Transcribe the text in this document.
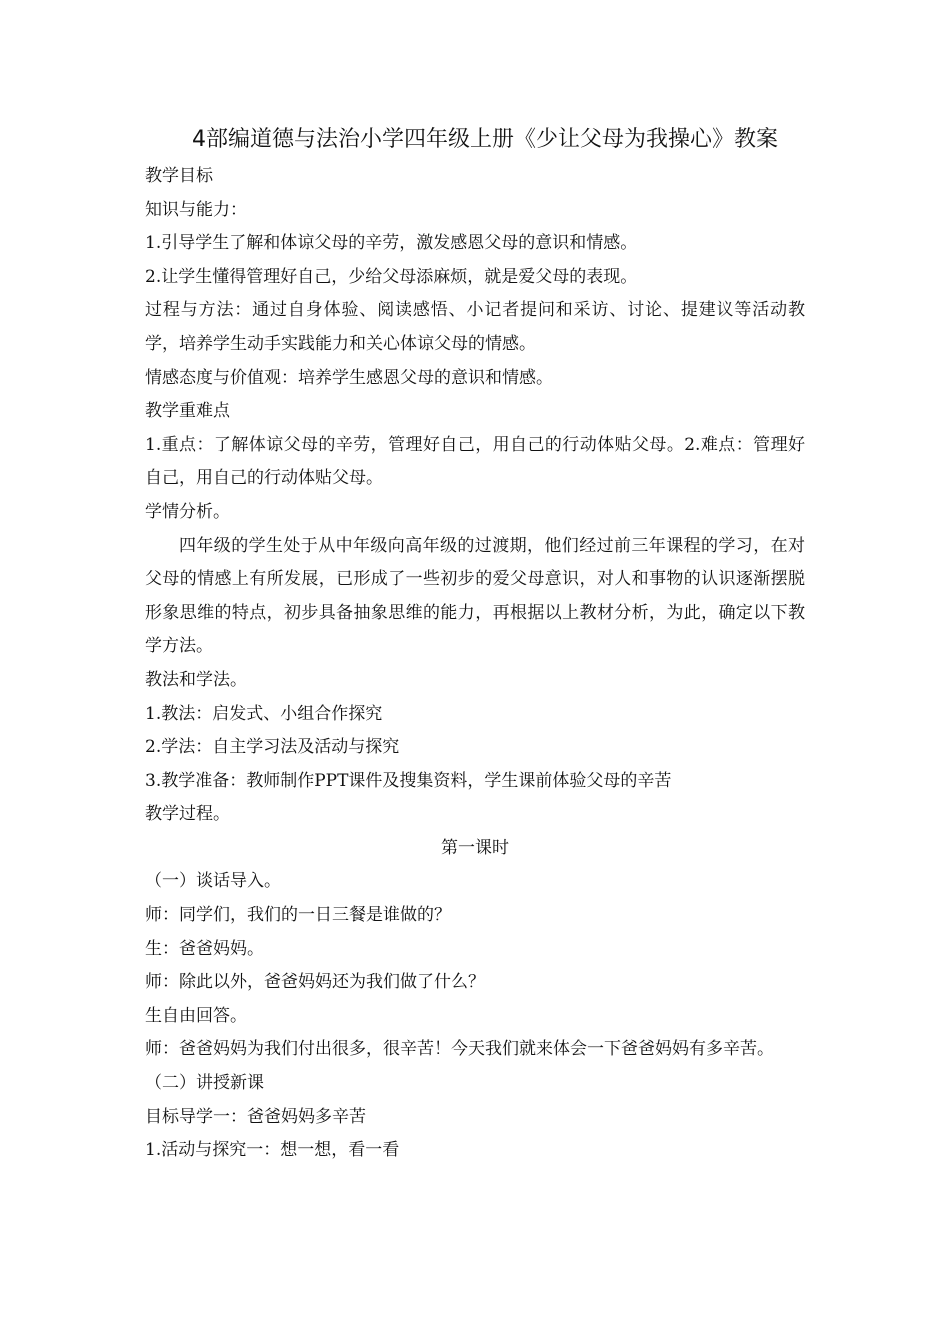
4部编道德与法治小学四年级上册《少让父母为我操心》教案

教学目标

知识与能力：

1.引导学生了解和体谅父母的辛劳，激发感恩父母的意识和情感。

2.让学生懂得管理好自己，少给父母添麻烦，就是爱父母的表现。

过程与方法：通过自身体验、阅读感悟、小记者提问和采访、讨论、提建议等活动教学，培养学生动手实践能力和关心体谅父母的情感。

情感态度与价值观：培养学生感恩父母的意识和情感。

教学重难点

1.重点：了解体谅父母的辛劳，管理好自己，用自己的行动体贴父母。2.难点：管理好自己，用自己的行动体贴父母。

学情分析。

四年级的学生处于从中年级向高年级的过渡期，他们经过前三年课程的学习，在对父母的情感上有所发展，已形成了一些初步的爱父母意识，对人和事物的认识逐渐摆脱形象思维的特点，初步具备抽象思维的能力，再根据以上教材分析，为此，确定以下教学方法。

教法和学法。

1.教法：启发式、小组合作探究

2.学法：自主学习法及活动与探究

3.教学准备：教师制作PPT课件及搜集资料，学生课前体验父母的辛苦

教学过程。

第一课时

（一）谈话导入。

师：同学们，我们的一日三餐是谁做的？

生：爸爸妈妈。

师：除此以外，爸爸妈妈还为我们做了什么？

生自由回答。

师：爸爸妈妈为我们付出很多，很辛苦！今天我们就来体会一下爸爸妈妈有多辛苦。

（二）讲授新课

目标导学一：爸爸妈妈多辛苦

1.活动与探究一：想一想，看一看
